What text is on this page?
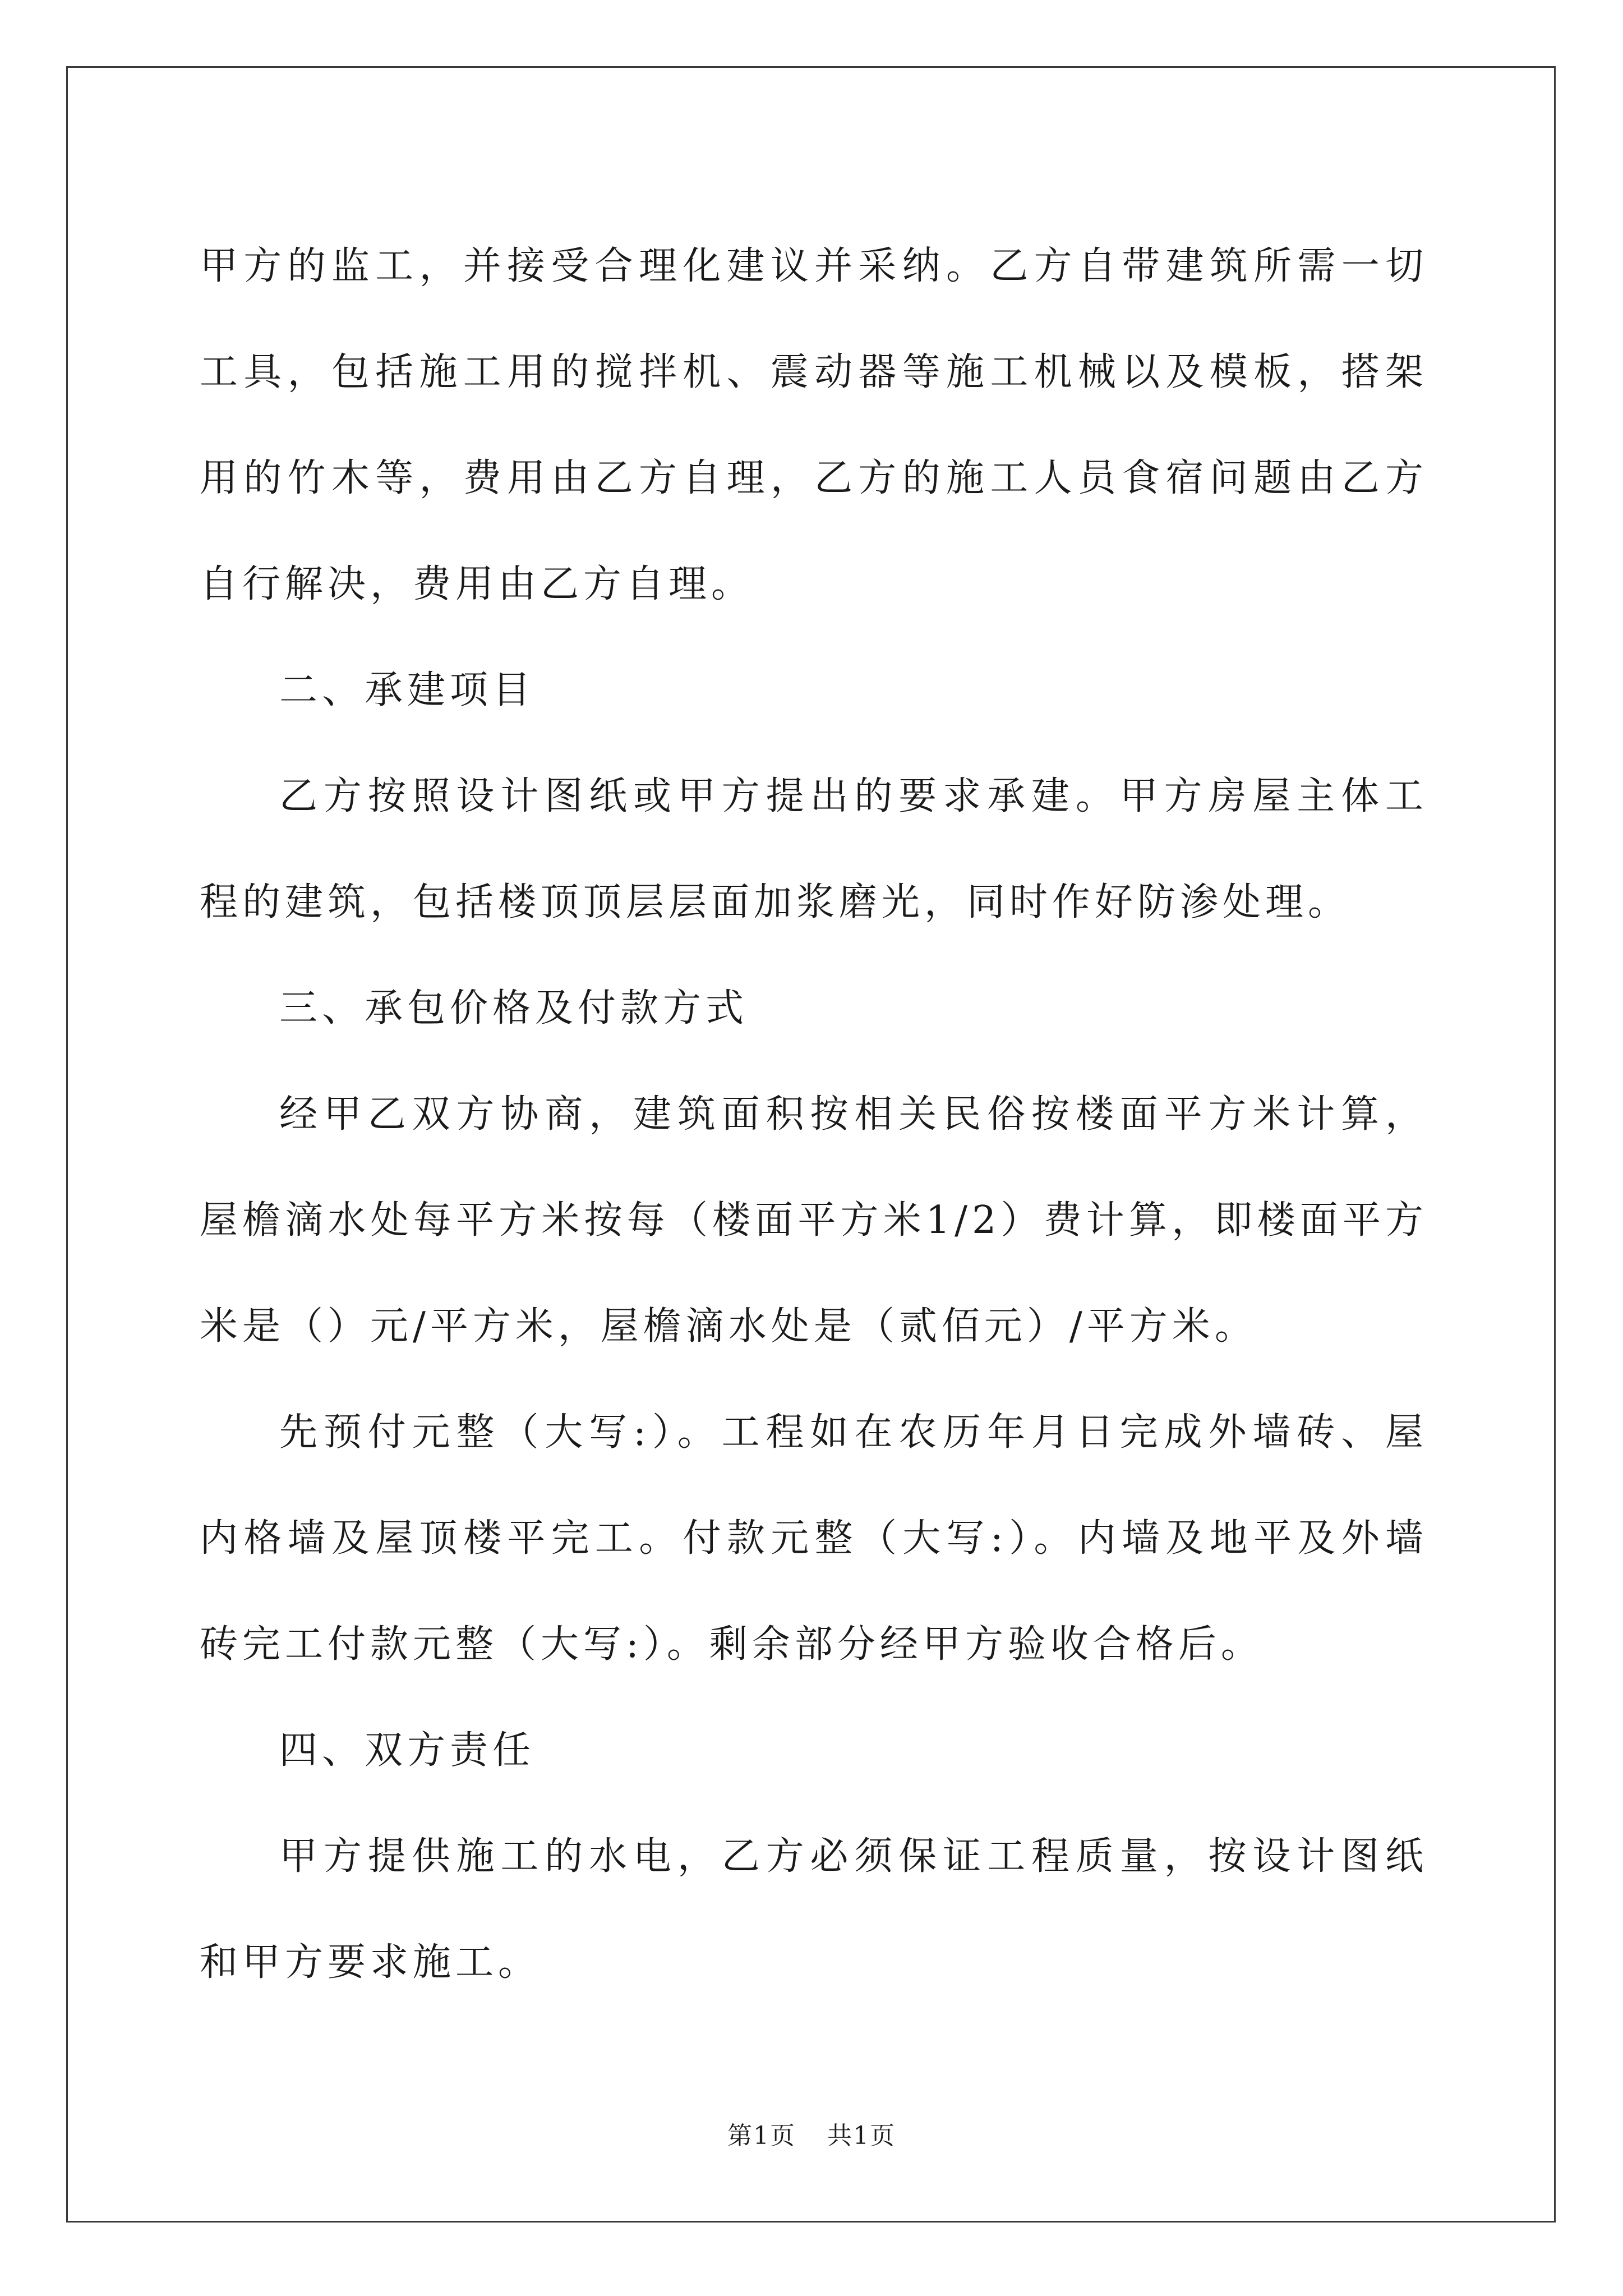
甲方的监工，并接受合理化建议并采纳。乙方自带建筑所需一切工具，包括施工用的搅拌机、震动器等施工机械以及模板，搭架用的竹木等，费用由乙方自理，乙方的施工人员食宿问题由乙方自行解决，费用由乙方自理。

二、承建项目

乙方按照设计图纸或甲方提出的要求承建。甲方房屋主体工程的建筑，包括楼顶顶层层面加浆磨光，同时作好防渗处理。

三、承包价格及付款方式

经甲乙双方协商，建筑面积按相关民俗按楼面平方米计算，屋檐滴水处每平方米按每（楼面平方米1/2）费计算，即楼面平方米是（）元/平方米，屋檐滴水处是（贰佰元）/平方米。

先预付元整（大写:）。工程如在农历年月日完成外墙砖、屋内格墙及屋顶楼平完工。付款元整（大写:）。内墙及地平及外墙砖完工付款元整（大写:）。剩余部分经甲方验收合格后。

四、双方责任

甲方提供施工的水电，乙方必须保证工程质量，按设计图纸和甲方要求施工。

第1页 共1页
